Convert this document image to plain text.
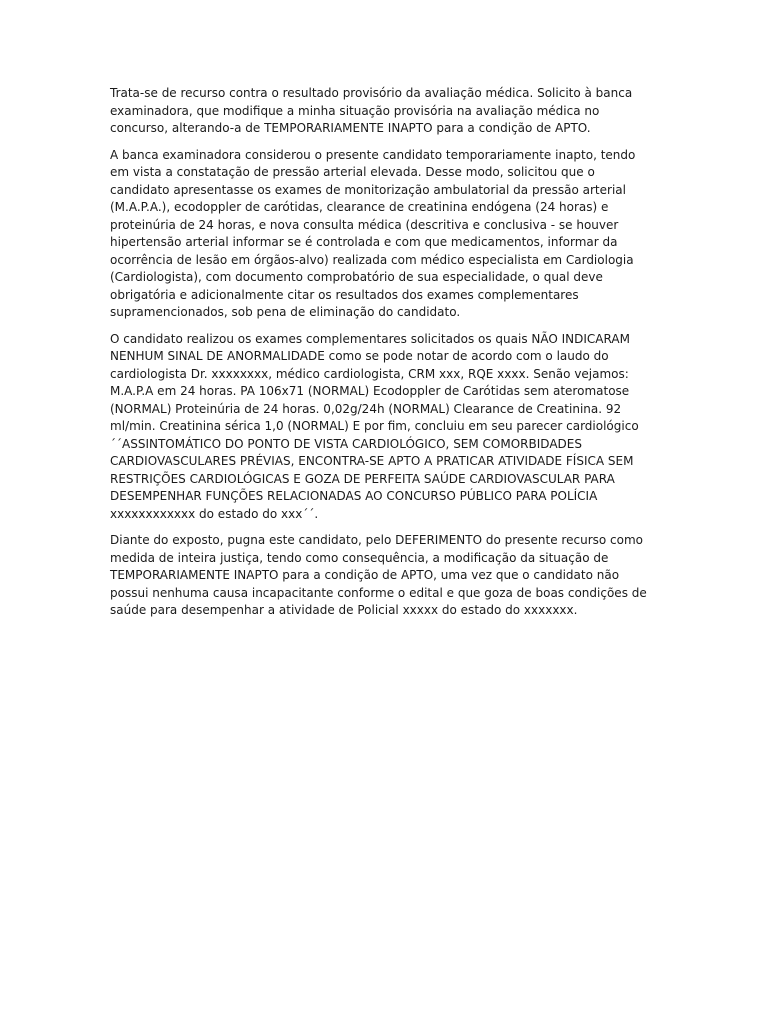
Trata-se de recurso contra o resultado provisório da avaliação médica. Solicito à banca examinadora, que modifique a minha situação provisória na avaliação médica no concurso, alterando-a de TEMPORARIAMENTE INAPTO para a condição de APTO.

A banca examinadora considerou o presente candidato temporariamente inapto, tendo em vista a constatação de pressão arterial elevada. Desse modo, solicitou que o candidato apresentasse os exames de monitorização ambulatorial da pressão arterial (M.A.P.A.), ecodoppler de carótidas, clearance de creatinina endógena (24 horas) e proteinúria de 24 horas, e nova consulta médica (descritiva e conclusiva - se houver hipertensão arterial informar se é controlada e com que medicamentos, informar da ocorrência de lesão em órgãos-alvo) realizada com médico especialista em Cardiologia (Cardiologista), com documento comprobatório de sua especialidade, o qual deve obrigatória e adicionalmente citar os resultados dos exames complementares supramencionados, sob pena de eliminação do candidato.

O candidato realizou os exames complementares solicitados os quais NÃO INDICARAM NENHUM SINAL DE ANORMALIDADE como se pode notar de acordo com o laudo do cardiologista Dr. xxxxxxxx, médico cardiologista, CRM xxx, RQE xxxx. Senão vejamos: M.A.P.A em 24 horas. PA 106x71 (NORMAL) Ecodoppler de Carótidas sem ateromatose (NORMAL) Proteinúria de 24 horas. 0,02g/24h (NORMAL) Clearance de Creatinina. 92 ml/min. Creatinina sérica 1,0 (NORMAL) E por fim, concluiu em seu parecer cardiológico ´´ASSINTOMÁTICO DO PONTO DE VISTA CARDIOLÓGICO, SEM COMORBIDADES CARDIOVASCULARES PRÉVIAS, ENCONTRA-SE APTO A PRATICAR ATIVIDADE FÍSICA SEM RESTRIÇÕES CARDIOLÓGICAS E GOZA DE PERFEITA SAÚDE CARDIOVASCULAR PARA DESEMPENHAR FUNÇÕES RELACIONADAS AO CONCURSO PÚBLICO PARA POLÍCIA xxxxxxxxxxxx do estado do xxx´´.

Diante do exposto, pugna este candidato, pelo DEFERIMENTO do presente recurso como medida de inteira justiça, tendo como consequência, a modificação da situação de TEMPORARIAMENTE INAPTO para a condição de APTO, uma vez que o candidato não possui nenhuma causa incapacitante conforme o edital e que goza de boas condições de saúde para desempenhar a atividade de Policial xxxxx do estado do xxxxxxx.
